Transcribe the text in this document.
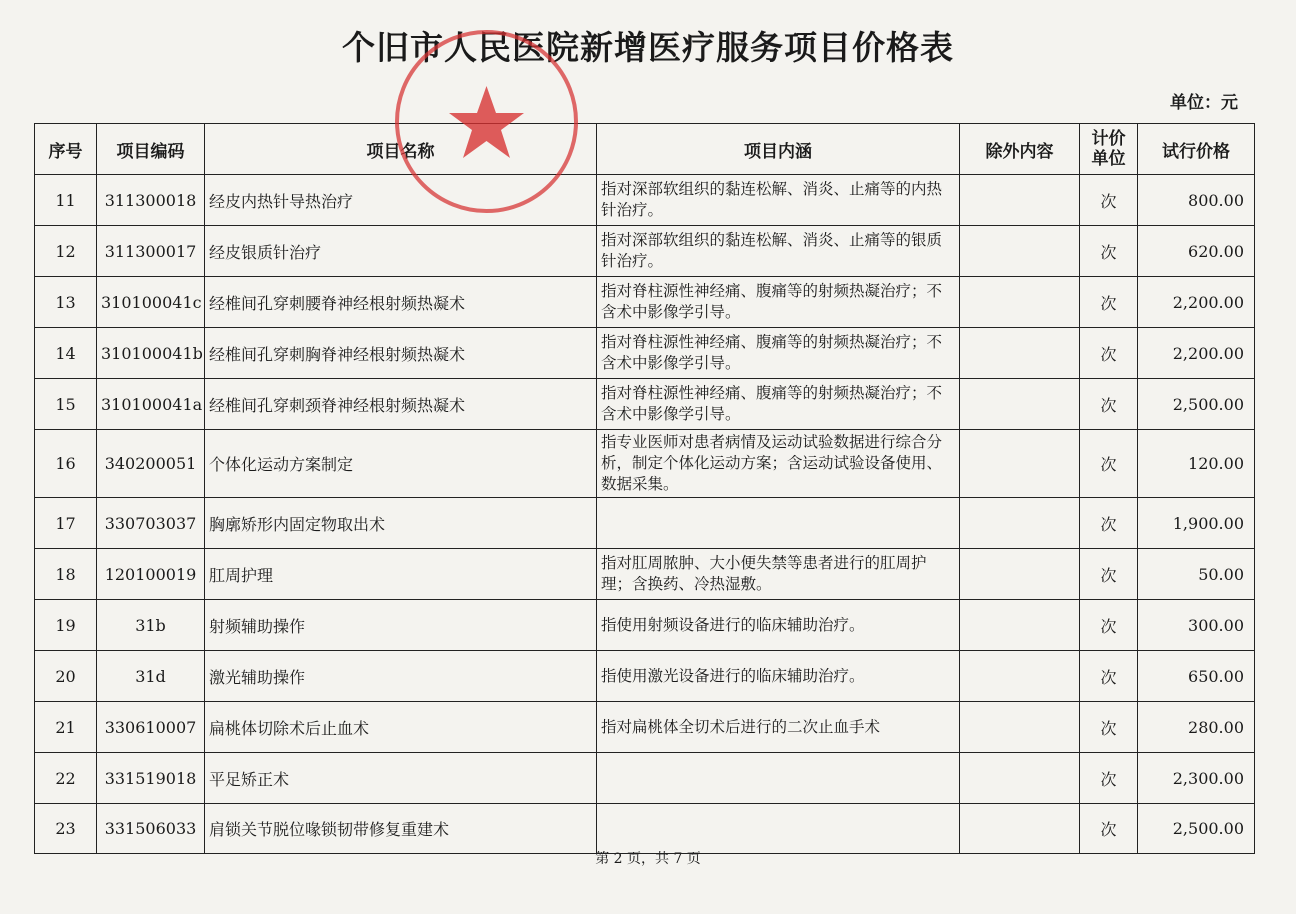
个旧市人民医院新增医疗服务项目价格表
单位：元
序号	项目编码	项目名称	项目内涵	除外内容	计价单位	试行价格
11	311300018	经皮内热针导热治疗	指对深部软组织的黏连松解、消炎、止痛等的内热针治疗。		次	800.00
12	311300017	经皮银质针治疗	指对深部软组织的黏连松解、消炎、止痛等的银质针治疗。		次	620.00
13	310100041c	经椎间孔穿刺腰脊神经根射频热凝术	指对脊柱源性神经痛、腹痛等的射频热凝治疗；不含术中影像学引导。		次	2,200.00
14	310100041b	经椎间孔穿刺胸脊神经根射频热凝术	指对脊柱源性神经痛、腹痛等的射频热凝治疗；不含术中影像学引导。		次	2,200.00
15	310100041a	经椎间孔穿刺颈脊神经根射频热凝术	指对脊柱源性神经痛、腹痛等的射频热凝治疗；不含术中影像学引导。		次	2,500.00
16	340200051	个体化运动方案制定	指专业医师对患者病情及运动试验数据进行综合分析，制定个体化运动方案；含运动试验设备使用、数据采集。		次	120.00
17	330703037	胸廓矫形内固定物取出术			次	1,900.00
18	120100019	肛周护理	指对肛周脓肿、大小便失禁等患者进行的肛周护理；含换药、冷热湿敷。		次	50.00
19	31b	射频辅助操作	指使用射频设备进行的临床辅助治疗。		次	300.00
20	31d	激光辅助操作	指使用激光设备进行的临床辅助治疗。		次	650.00
21	330610007	扁桃体切除术后止血术	指对扁桃体全切术后进行的二次止血手术		次	280.00
22	331519018	平足矫正术			次	2,300.00
23	331506033	肩锁关节脱位喙锁韧带修复重建术			次	2,500.00
第 2 页，共 7 页
